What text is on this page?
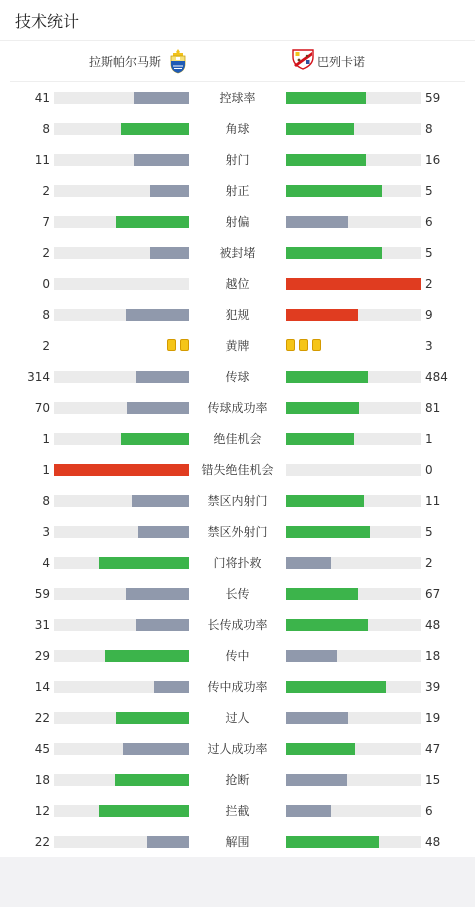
技术统计
拉斯帕尔马斯	巴列卡诺
41	控球率	59
8	角球	8
11	射门	16
2	射正	5
7	射偏	6
2	被封堵	5
0	越位	2
8	犯规	9
2	黄牌	3
314	传球	484
70	传球成功率	81
1	绝佳机会	1
1	错失绝佳机会	0
8	禁区内射门	11
3	禁区外射门	5
4	门将扑救	2
59	长传	67
31	长传成功率	48
29	传中	18
14	传中成功率	39
22	过人	19
45	过人成功率	47
18	抢断	15
12	拦截	6
22	解围	48
